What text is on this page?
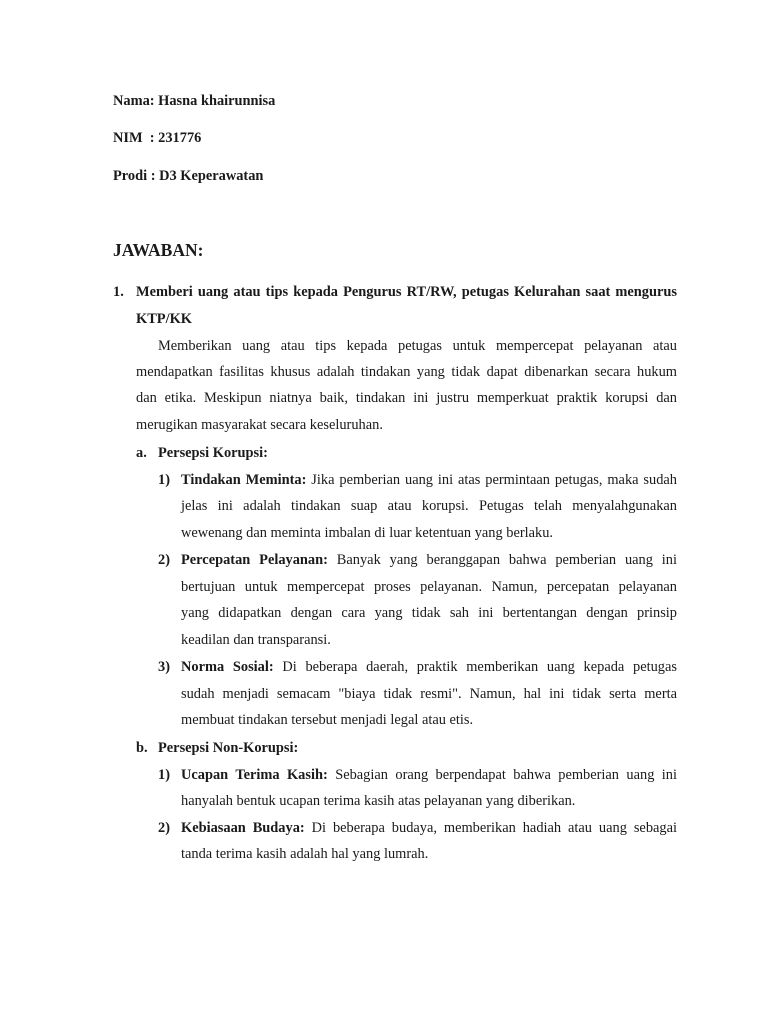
Nama: Hasna khairunnisa
NIM  : 231776
Prodi : D3 Keperawatan
JAWABAN:
1. Memberi uang atau tips kepada Pengurus RT/RW, petugas Kelurahan saat mengurus
KTP/KK
Memberikan uang atau tips kepada petugas untuk mempercepat pelayanan atau
mendapatkan fasilitas khusus adalah tindakan yang tidak dapat dibenarkan secara hukum
dan etika. Meskipun niatnya baik, tindakan ini justru memperkuat praktik korupsi dan
merugikan masyarakat secara keseluruhan.
a. Persepsi Korupsi:
1) Tindakan Meminta: Jika pemberian uang ini atas permintaan petugas, maka sudah
jelas ini adalah tindakan suap atau korupsi. Petugas telah menyalahgunakan
wewenang dan meminta imbalan di luar ketentuan yang berlaku.
2) Percepatan Pelayanan: Banyak yang beranggapan bahwa pemberian uang ini
bertujuan untuk mempercepat proses pelayanan. Namun, percepatan pelayanan
yang didapatkan dengan cara yang tidak sah ini bertentangan dengan prinsip
keadilan dan transparansi.
3) Norma Sosial: Di beberapa daerah, praktik memberikan uang kepada petugas
sudah menjadi semacam "biaya tidak resmi". Namun, hal ini tidak serta merta
membuat tindakan tersebut menjadi legal atau etis.
b. Persepsi Non-Korupsi:
1) Ucapan Terima Kasih: Sebagian orang berpendapat bahwa pemberian uang ini
hanyalah bentuk ucapan terima kasih atas pelayanan yang diberikan.
2) Kebiasaan Budaya: Di beberapa budaya, memberikan hadiah atau uang sebagai
tanda terima kasih adalah hal yang lumrah.
